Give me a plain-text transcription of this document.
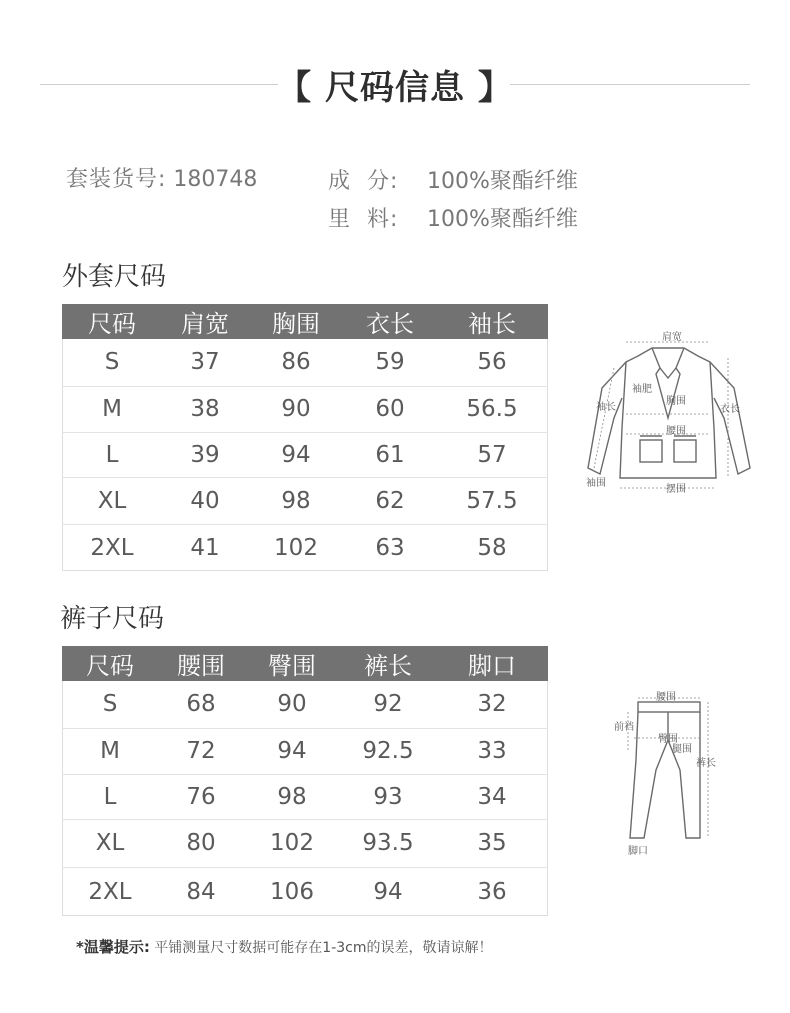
【 尺码信息 】
套装货号: 180748	成  分: 100%聚酯纤维
里  料: 100%聚酯纤维
外套尺码
尺码	肩宽	胸围	衣长	袖长
S	37	86	59	56
M	38	90	60	56.5
L	39	94	61	57
XL	40	98	62	57.5
2XL	41	102	63	58
肩宽
袖肥
袖长
胸围
衣长
腰围
袖围
摆围
裤子尺码
尺码	腰围	臀围	裤长	脚口
S	68	90	92	32
M	72	94	92.5	33
L	76	98	93	34
XL	80	102	93.5	35
2XL	84	106	94	36
腰围
前裆
臀围
腿围
裤长
脚口
*温馨提示: 平铺测量尺寸数据可能存在1-3cm的误差，敬请谅解！
